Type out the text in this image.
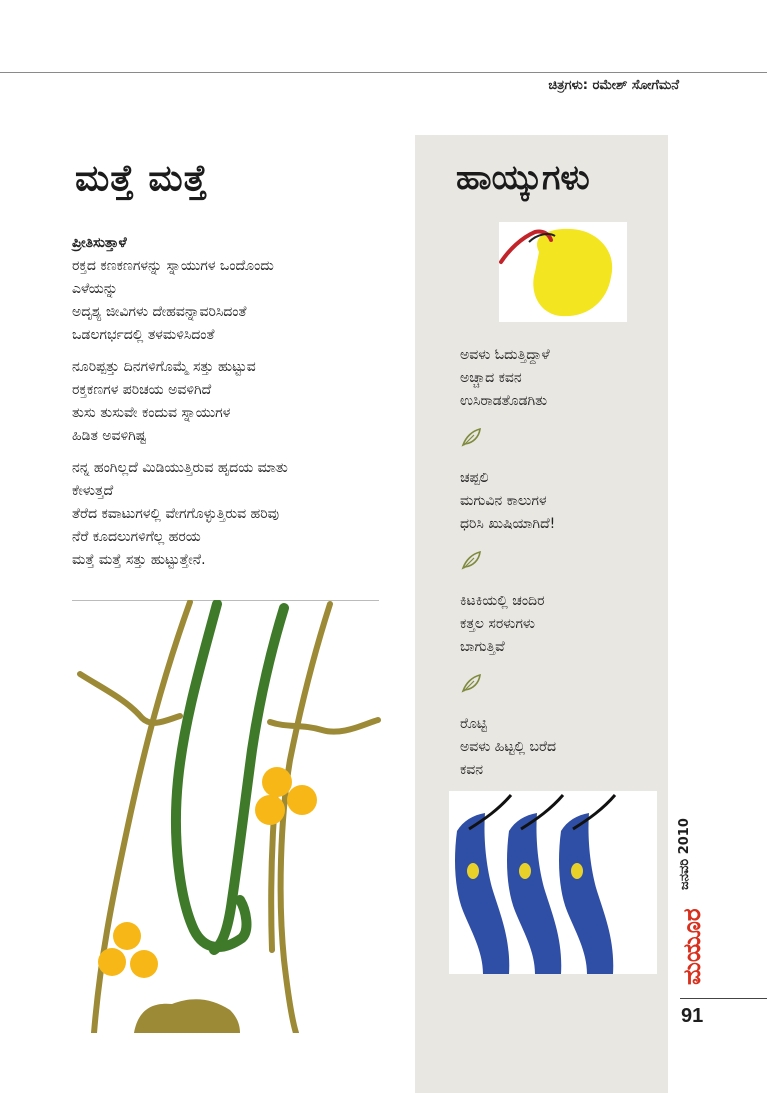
ಚಿತ್ರಗಳು: ರಮೇಶ್ ಸೋಗೆಮನೆ
ಮತ್ತೆ ಮತ್ತೆ
ಪ್ರೀತಿಸುತ್ತಾಳೆ
ರಕ್ತದ ಕಣಕಣಗಳನ್ನು ಸ್ನಾಯುಗಳ ಒಂದೊಂದು
ಎಳೆಯನ್ನು
ಅದೃಶ್ಯ ಜೀವಿಗಳು ದೇಹವನ್ನಾವರಿಸಿದಂತೆ
ಒಡಲಗರ್ಭದಲ್ಲಿ ತಳಮಳಿಸಿದಂತೆ
ನೂರಿಪ್ಪತ್ತು ದಿನಗಳಿಗೊಮ್ಮೆ ಸತ್ತು ಹುಟ್ಟುವ
ರಕ್ತಕಣಗಳ ಪರಿಚಯ ಅವಳಿಗಿದೆ
ತುಸು ತುಸುವೇ ಕಂದುವ ಸ್ನಾಯುಗಳ
ಹಿಡಿತ ಅವಳಿಗಿಷ್ಟ
ನನ್ನ ಹಂಗಿಲ್ಲದೆ ಮಿಡಿಯುತ್ತಿರುವ ಹೃದಯ ಮಾತು
ಕೇಳುತ್ತದೆ
ತೆರೆದ ಕವಾಟುಗಳಲ್ಲಿ ವೇಗಗೊಳ್ಳುತ್ತಿರುವ ಹರಿವು
ನೆರೆ ಕೂದಲುಗಳಿಗೆಲ್ಲ ಹರಯ
ಮತ್ತೆ ಮತ್ತೆ ಸತ್ತು ಹುಟ್ಟುತ್ತೇನೆ.
ಹಾಯ್ಕುಗಳು
ಅವಳು ಓದುತ್ತಿದ್ದಾಳೆ
ಅಚ್ಚಾದ ಕವನ
ಉಸಿರಾಡತೊಡಗಿತು
ಚಪ್ಪಲಿ
ಮಗುವಿನ ಕಾಲುಗಳ
ಧರಿಸಿ ಖುಷಿಯಾಗಿದೆ!
ಕಿಟಕಿಯಲ್ಲಿ ಚಂದಿರ
ಕತ್ತಲ ಸರಳುಗಳು
ಬಾಗುತ್ತಿವೆ
ರೊಟ್ಟಿ
ಅವಳು ಹಿಟ್ಟಲ್ಲಿ ಬರೆದ
ಕವನ
ಜನವರಿ 2010
ಮಯೂರ
91
